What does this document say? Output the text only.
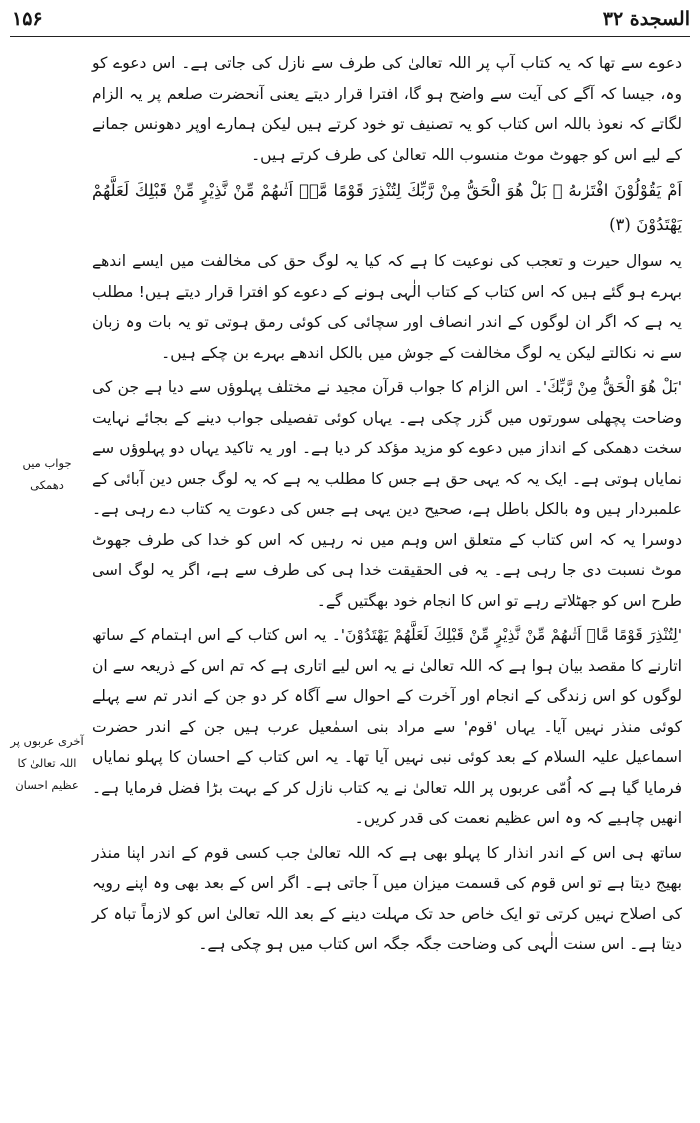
السجدة ۳۲
۱۵۶
جواب میں دھمکی
آخری عربوں پر اللہ تعالیٰ کا عظیم احسان

دعوے سے تھا کہ یہ کتاب آپ پر اللہ تعالیٰ کی طرف سے نازل کی جاتی ہے۔ اس دعوے کو وہ، جیسا کہ آگے کی آیت سے واضح ہو گا، افترا قرار دیتے یعنی آنحضرت صلعم پر یہ الزام لگاتے کہ نعوذ باللہ اس کتاب کو یہ تصنیف تو خود کرتے ہیں لیکن ہمارے اوپر دھونس جمانے کے لیے اس کو جھوٹ موٹ منسوب اللہ تعالیٰ کی طرف کرتے ہیں۔

اَمْ يَقُوْلُوْنَ افْتَرٰىهُ ۚ بَلْ هُوَ الْحَقُّ مِنْ رَّبِّكَ لِتُنْذِرَ قَوْمًا مَّاۤ اَتٰىهُمْ مِّنْ نَّذِيْرٍ مِّنْ قَبْلِكَ لَعَلَّهُمْ يَهْتَدُوْنَ (۳)

یہ سوال حیرت و تعجب کی نوعیت کا ہے کہ کیا یہ لوگ حق کی مخالفت میں ایسے اندھے بہرے ہو گئے ہیں کہ اس کتاب کے کتاب الٰہی ہونے کے دعوے کو افترا قرار دیتے ہیں! مطلب یہ ہے کہ اگر ان لوگوں کے اندر انصاف اور سچائی کی کوئی رمق ہوتی تو یہ بات وہ زبان سے نہ نکالتے لیکن یہ لوگ مخالفت کے جوش میں بالکل اندھے بہرے بن چکے ہیں۔

'بَلْ هُوَ الْحَقُّ مِنْ رَّبِّكَ'۔ اس الزام کا جواب قرآن مجید نے مختلف پہلوؤں سے دیا ہے جن کی وضاحت پچھلی سورتوں میں گزر چکی ہے۔ یہاں کوئی تفصیلی جواب دینے کے بجائے نہایت سخت دھمکی کے انداز میں دعوے کو مزید مؤکد کر دیا ہے۔ اور یہ تاکید یہاں دو پہلوؤں سے نمایاں ہوتی ہے۔ ایک یہ کہ یہی حق ہے جس کا مطلب یہ ہے کہ یہ لوگ جس دین آبائی کے علمبردار ہیں وہ بالکل باطل ہے، صحیح دین یہی ہے جس کی دعوت یہ کتاب دے رہی ہے۔ دوسرا یہ کہ اس کتاب کے متعلق اس وہم میں نہ رہیں کہ اس کو خدا کی طرف جھوٹ موٹ نسبت دی جا رہی ہے۔ یہ فی الحقیقت خدا ہی کی طرف سے ہے، اگر یہ لوگ اسی طرح اس کو جھٹلاتے رہے تو اس کا انجام خود بھگتیں گے۔

'لِتُنْذِرَ قَوْمًا مَّاۤ اَتٰىهُمْ مِّنْ نَّذِيْرٍ مِّنْ قَبْلِكَ لَعَلَّهُمْ يَهْتَدُوْنَ'۔ یہ اس کتاب کے اس اہتمام کے ساتھ اتارنے کا مقصد بیان ہوا ہے کہ اللہ تعالیٰ نے یہ اس لیے اتاری ہے کہ تم اس کے ذریعہ سے ان لوگوں کو اس زندگی کے انجام اور آخرت کے احوال سے آگاہ کر دو جن کے اندر تم سے پہلے کوئی منذر نہیں آیا۔ یہاں 'قوم' سے مراد بنی اسمٰعیل عرب ہیں جن کے اندر حضرت اسماعیل علیہ السلام کے بعد کوئی نبی نہیں آیا تھا۔ یہ اس کتاب کے احسان کا پہلو نمایاں فرمایا گیا ہے کہ اُمّی عربوں پر اللہ تعالیٰ نے یہ کتاب نازل کر کے بہت بڑا فضل فرمایا ہے۔ انھیں چاہیے کہ وہ اس عظیم نعمت کی قدر کریں۔

ساتھ ہی اس کے اندر انذار کا پہلو بھی ہے کہ اللہ تعالیٰ جب کسی قوم کے اندر اپنا منذر بھیج دیتا ہے تو اس قوم کی قسمت میزان میں آ جاتی ہے۔ اگر اس کے بعد بھی وہ اپنے رویہ کی اصلاح نہیں کرتی تو ایک خاص حد تک مہلت دینے کے بعد اللہ تعالیٰ اس کو لازماً تباہ کر دیتا ہے۔ اس سنت الٰہی کی وضاحت جگہ جگہ اس کتاب میں ہو چکی ہے۔
